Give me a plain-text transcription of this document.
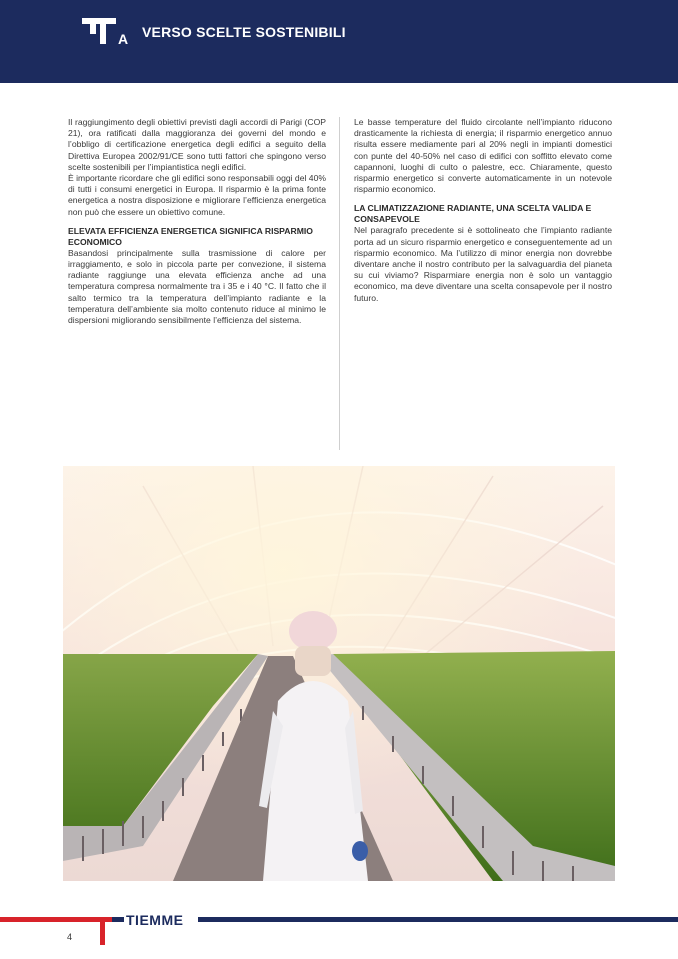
A VERSO SCELTE SOSTENIBILI

Il raggiungimento degli obiettivi previsti dagli accordi di Parigi (COP 21), ora ratificati dalla maggioranza dei governi del mondo e l’obbligo di certificazione energetica degli edifici a seguito della Direttiva Europea 2002/91/CE sono tutti fattori che spingono verso scelte sostenibili per l’impiantistica negli edifici.

È importante ricordare che gli edifici sono responsabili oggi del 40% di tutti i consumi energetici in Europa. Il risparmio è la prima fonte energetica a nostra disposizione e migliorare l’efficienza energetica non può che essere un obiettivo comune.

ELEVATA EFFICIENZA ENERGETICA SIGNIFICA RISPARMIO ECONOMICO

Basandosi principalmente sulla trasmissione di calore per irraggiamento, e solo in piccola parte per convezione, il sistema radiante raggiunge una elevata efficienza anche ad una temperatura compresa normalmente tra i 35 e i 40 °C. Il fatto che il salto termico tra la temperatura dell’impianto radiante e la temperatura dell’ambiente sia molto contenuto riduce al minimo le dispersioni migliorando sensibilmente l’efficienza del sistema.

Le basse temperature del fluido circolante nell’impianto riducono drasticamente la richiesta di energia; il risparmio energetico annuo risulta essere mediamente pari al 20% negli in impianti domestici con punte del 40-50% nel caso di edifici con soffitto elevato come capannoni, luoghi di culto o palestre, ecc. Chiaramente, questo risparmio energetico si converte automaticamente in un notevole risparmio economico.

LA CLIMATIZZAZIONE RADIANTE, UNA SCELTA VALIDA E CONSAPEVOLE

Nel paragrafo precedente si è sottolineato che l’impianto radiante porta ad un sicuro risparmio energetico e conseguentemente ad un risparmio economico. Ma l’utilizzo di minor energia non dovrebbe diventare anche il nostro contributo per la salvaguardia del pianeta su cui viviamo? Risparmiare energia non è solo un vantaggio economico, ma deve diventare una scelta consapevole per il nostro futuro.

TIEMME
4
